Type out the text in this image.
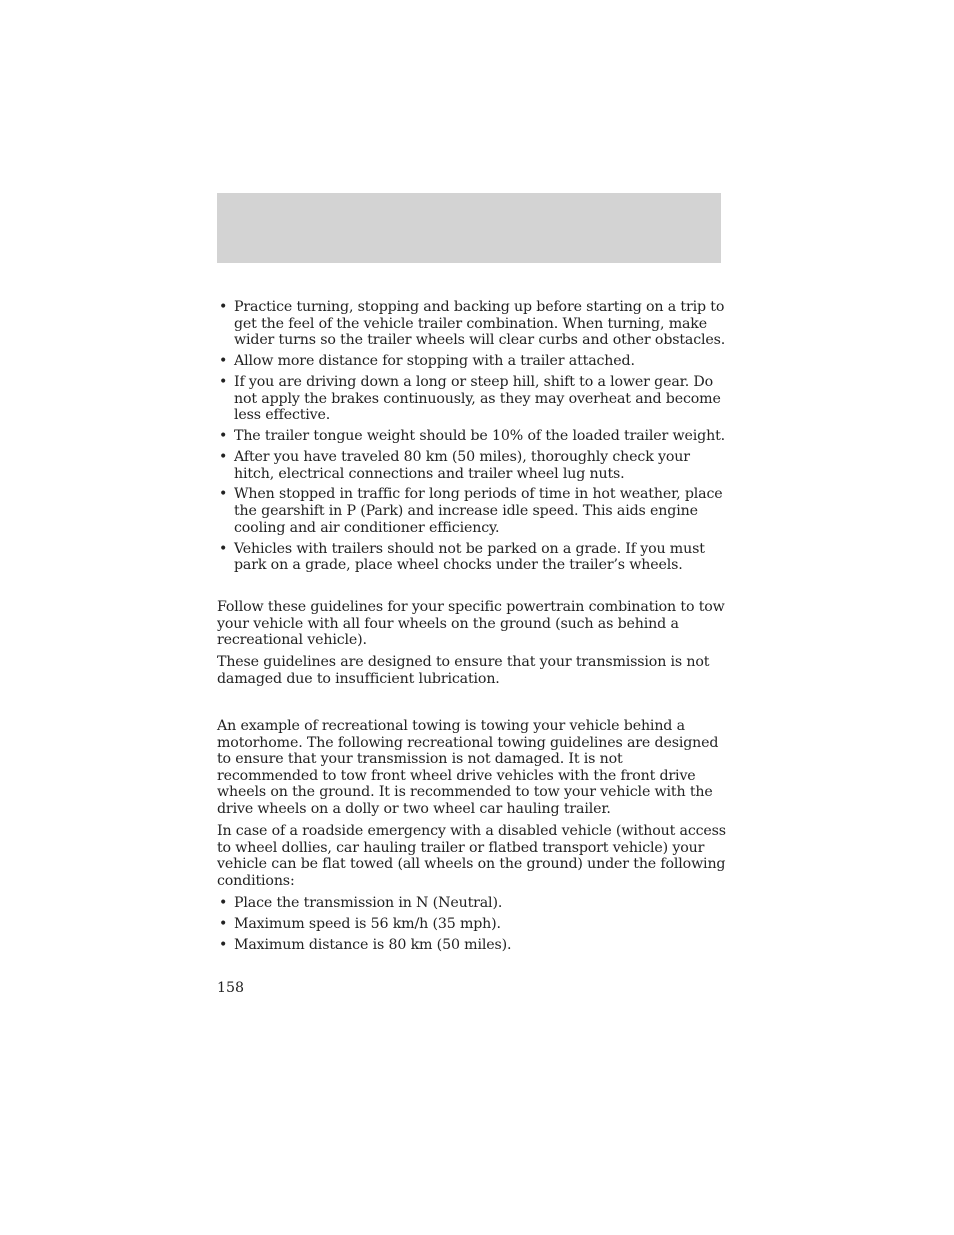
• Practice turning, stopping and backing up before starting on a trip to get the feel of the vehicle trailer combination. When turning, make wider turns so the trailer wheels will clear curbs and other obstacles.
• Allow more distance for stopping with a trailer attached.
• If you are driving down a long or steep hill, shift to a lower gear. Do not apply the brakes continuously, as they may overheat and become less effective.
• The trailer tongue weight should be 10% of the loaded trailer weight.
• After you have traveled 80 km (50 miles), thoroughly check your hitch, electrical connections and trailer wheel lug nuts.
• When stopped in traffic for long periods of time in hot weather, place the gearshift in P (Park) and increase idle speed. This aids engine cooling and air conditioner efficiency.
• Vehicles with trailers should not be parked on a grade. If you must park on a grade, place wheel chocks under the trailer’s wheels.

Follow these guidelines for your specific powertrain combination to tow your vehicle with all four wheels on the ground (such as behind a recreational vehicle).

These guidelines are designed to ensure that your transmission is not damaged due to insufficient lubrication.

An example of recreational towing is towing your vehicle behind a motorhome. The following recreational towing guidelines are designed to ensure that your transmission is not damaged. It is not recommended to tow front wheel drive vehicles with the front drive wheels on the ground. It is recommended to tow your vehicle with the drive wheels on a dolly or two wheel car hauling trailer.

In case of a roadside emergency with a disabled vehicle (without access to wheel dollies, car hauling trailer or flatbed transport vehicle) your vehicle can be flat towed (all wheels on the ground) under the following conditions:

• Place the transmission in N (Neutral).
• Maximum speed is 56 km/h (35 mph).
• Maximum distance is 80 km (50 miles).
158
